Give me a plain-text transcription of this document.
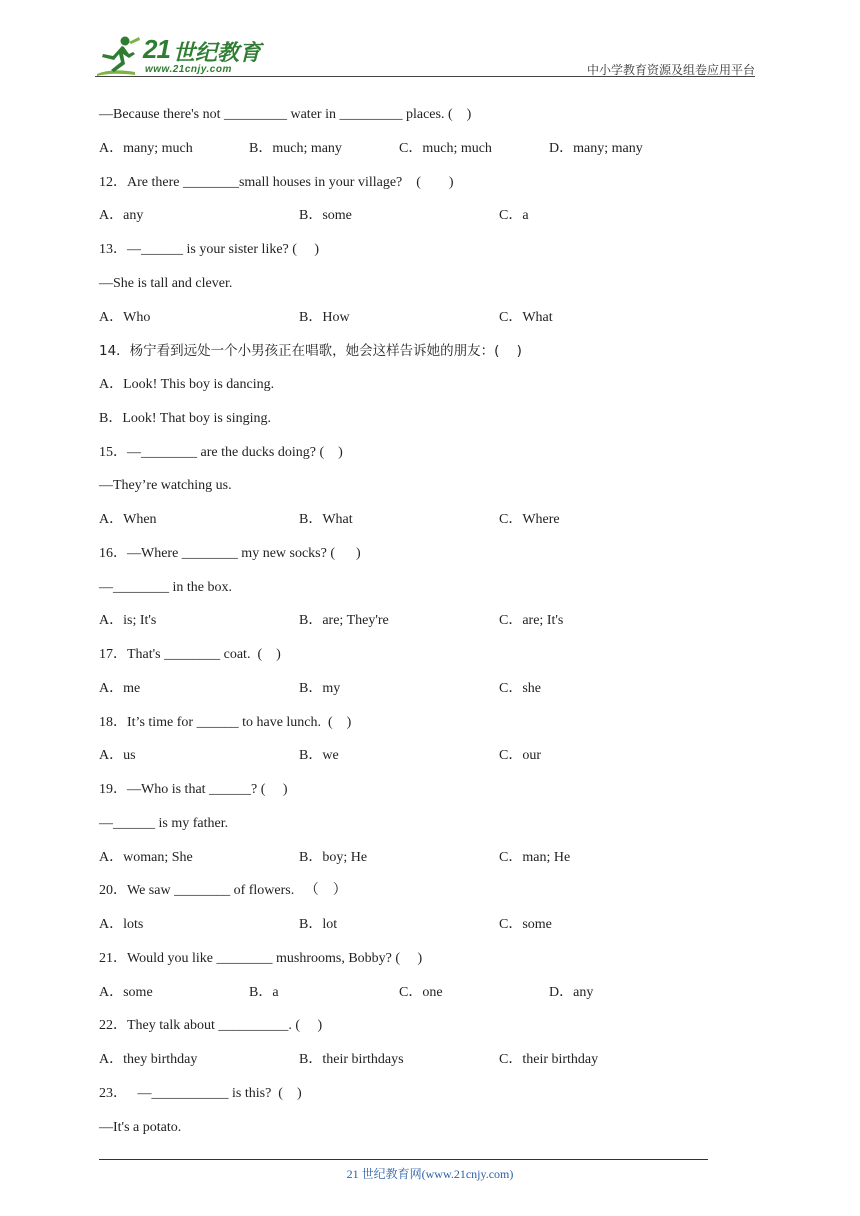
21 世纪教育
www.21cnjy.com	中小学教育资源及组卷应用平台
—Because there's not _________ water in _________ places. (    )
A．many; much	B．much; many	C．much; much	D．many; many
12．Are there ________small houses in your village?    (        )
A．any	B．some	C．a
13．—______ is your sister like? (     )
—She is tall and clever.
A．Who	B．How	C．What
14．杨宁看到远处一个小男孩正在唱歌，她会这样告诉她的朋友：(    )
A．Look! This boy is dancing.
B．Look! That boy is singing.
15．—________ are the ducks doing? (    )
—They’re watching us.
A．When	B．What	C．Where
16．—Where ________ my new socks? (      )
—________ in the box.
A．is; It's	B．are; They're	C．are; It's
17．That's ________ coat.  (    )
A．me	B．my	C．she
18．It’s time for ______ to have lunch.  (    )
A．us	B．we	C．our
19．—Who is that ______? (     )
—______ is my father.
A．woman; She	B．boy; He	C．man; He
20．We saw ________ of flowers.   （    ）
A．lots	B．lot	C．some
21．Would you like ________ mushrooms, Bobby? (     )
A．some	B．a	C．one	D．any
22．They talk about __________. (     )
A．they birthday	B．their birthdays	C．their birthday
23．   —___________ is this?  (    )
—It's a potato.
21 世纪教育网(www.21cnjy.com)
